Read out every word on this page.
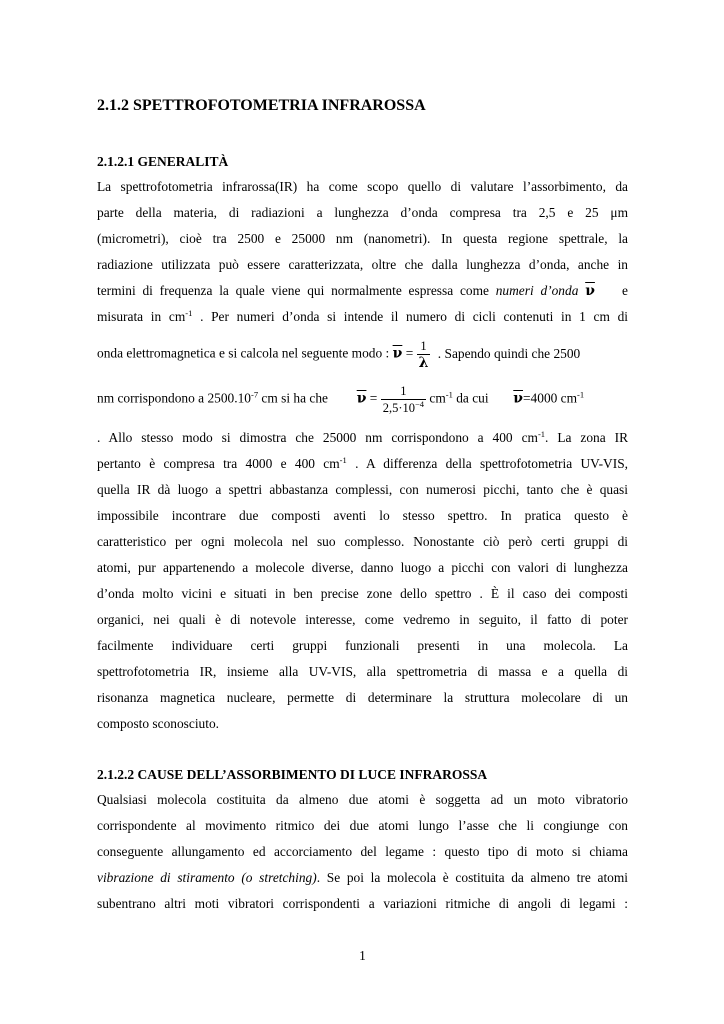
2.1.2 SPETTROFOTOMETRIA INFRAROSSA
2.1.2.1 GENERALITÀ
La spettrofotometria infrarossa(IR) ha come scopo quello di valutare l’assorbimento, da
parte della materia, di radiazioni a lunghezza d’onda compresa tra 2,5 e 25 μm
(micrometri), cioè tra 2500 e 25000 nm (nanometri). In questa regione spettrale, la
radiazione utilizzata può essere caratterizzata, oltre che dalla lunghezza d’onda, anche in
termini di frequenza la quale viene qui normalmente espressa come numeri d’onda $\overline{\nu}$    e
misurata in $cm^{-1}$ . Per numeri d’onda si intende il numero di cicli contenuti in 1 cm di
onda elettromagnetica e si calcola nel seguente modo : $\overline{\nu} = \frac{1}{\lambda}$ . Sapendo quindi che 2500
nm corrispondono a $2500.10^{-7}$ cm si ha che $\overline{\nu} = \frac{1}{2,5\cdot 10^{-4}} cm^{-1}$ da cui $\overline{\nu}=4000$ $cm^{-1}$
. Allo stesso modo si dimostra che 25000 nm corrispondono a 400 $cm^{-1}$. La zona IR
pertanto è compresa tra 4000 e 400 $cm^{-1}$ . A differenza della spettrofotometria UV-VIS,
quella IR dà luogo a spettri abbastanza complessi, con numerosi picchi, tanto che è quasi
impossibile incontrare due composti aventi lo stesso spettro. In pratica questo è
caratteristico per ogni molecola nel suo complesso. Nonostante ciò però certi gruppi di
atomi, pur appartenendo a molecole diverse, danno luogo a picchi con valori di lunghezza
d’onda molto vicini e situati in ben precise zone dello spettro . È il caso dei composti
organici, nei quali è di notevole interesse, come vedremo in seguito, il fatto di poter
facilmente individuare certi gruppi funzionali presenti in una molecola. La
spettrofotometria IR, insieme alla UV-VIS, alla spettrometria di massa e a quella di
risonanza magnetica nucleare, permette di determinare la struttura molecolare di un
composto sconosciuto.
2.1.2.2 CAUSE DELL’ASSORBIMENTO DI LUCE INFRAROSSA
Qualsiasi molecola costituita da almeno due atomi è soggetta ad un moto vibratorio
corrispondente al movimento ritmico dei due atomi lungo l’asse che li congiunge con
conseguente allungamento ed accorciamento del legame : questo tipo di moto si chiama
vibrazione di stiramento (o stretching). Se poi la molecola è costituita da almeno tre atomi
subentrano altri moti vibratori corrispondenti a variazioni ritmiche di angoli di legami :
1
